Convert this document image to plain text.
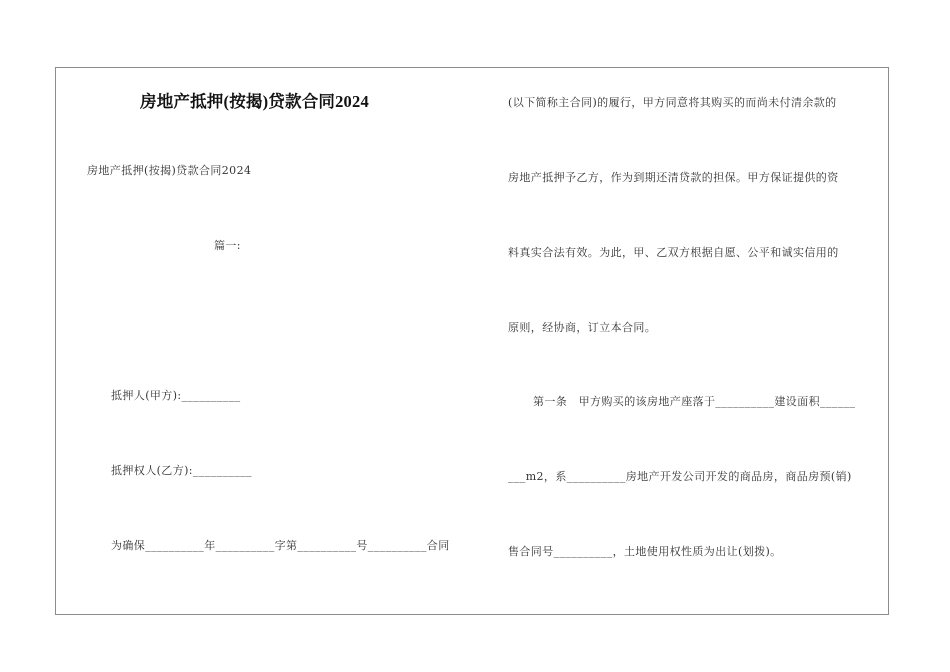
房地产抵押(按揭)贷款合同2024
房地产抵押(按揭)贷款合同2024
篇一:
抵押人(甲方):__________
抵押权人(乙方):__________
为确保__________年__________字第__________号__________合同
(以下简称主合同)的履行，甲方同意将其购买的而尚未付清余款的
房地产抵押予乙方，作为到期还清贷款的担保。甲方保证提供的资
料真实合法有效。为此，甲、乙双方根据自愿、公平和诚实信用的
原则，经协商，订立本合同。
第一条　甲方购买的该房地产座落于__________建设面积______
___m2，系__________房地产开发公司开发的商品房，商品房预(销)
售合同号__________，土地使用权性质为出让(划拨)。
